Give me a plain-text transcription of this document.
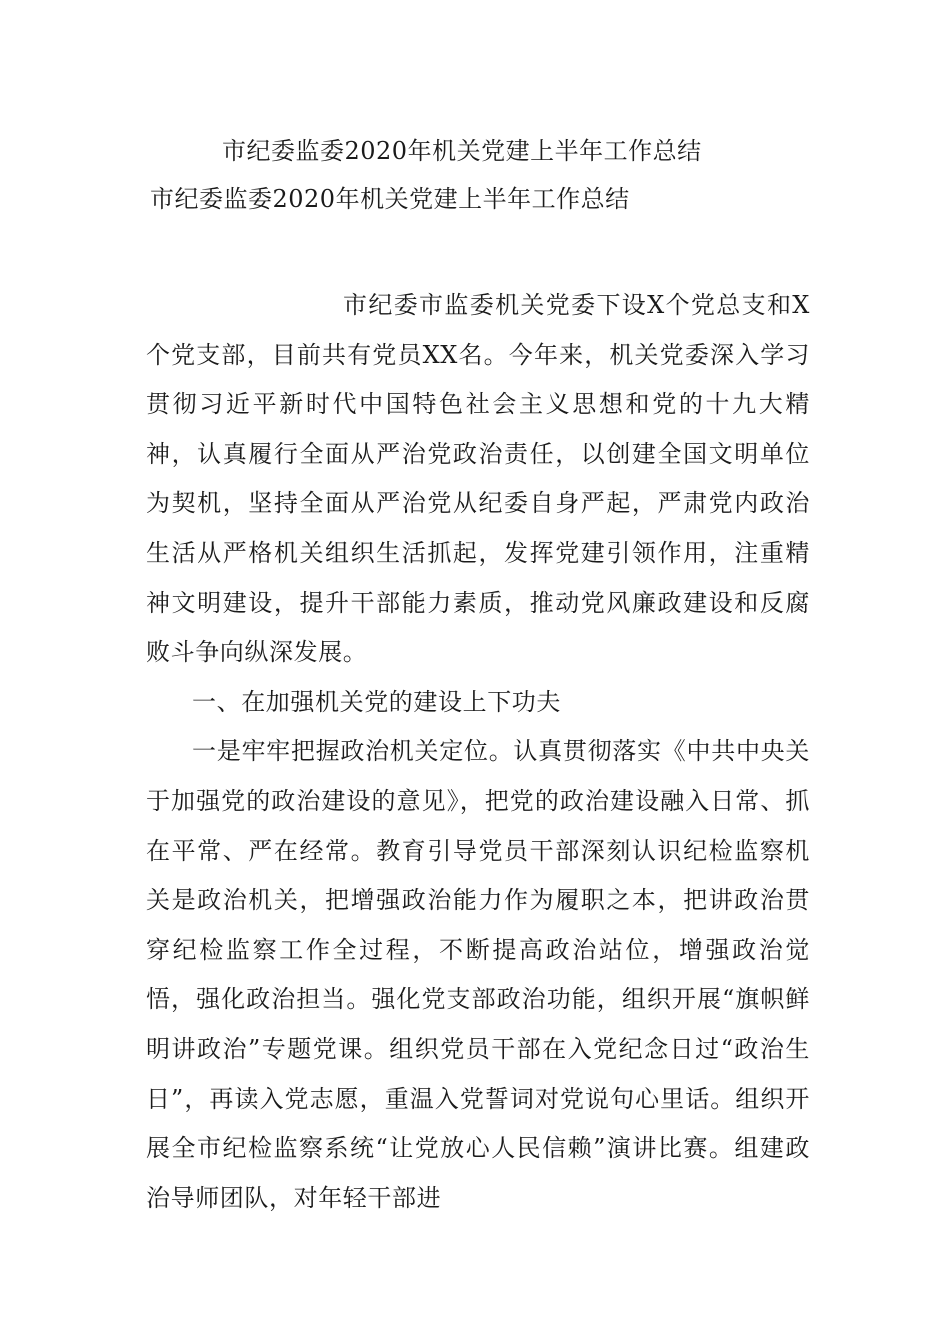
市纪委监委2020年机关党建上半年工作总结
市纪委监委2020年机关党建上半年工作总结

市纪委市监委机关党委下设X个党总支和X个党支部，目前共有党员XX名。今年来，机关党委深入学习贯彻习近平新时代中国特色社会主义思想和党的十九大精神，认真履行全面从严治党政治责任，以创建全国文明单位为契机，坚持全面从严治党从纪委自身严起，严肃党内政治生活从严格机关组织生活抓起，发挥党建引领作用，注重精神文明建设，提升干部能力素质，推动党风廉政建设和反腐败斗争向纵深发展。

一、在加强机关党的建设上下功夫

一是牢牢把握政治机关定位。认真贯彻落实《中共中央关于加强党的政治建设的意见》，把党的政治建设融入日常、抓在平常、严在经常。教育引导党员干部深刻认识纪检监察机关是政治机关，把增强政治能力作为履职之本，把讲政治贯穿纪检监察工作全过程，不断提高政治站位，增强政治觉悟，强化政治担当。强化党支部政治功能，组织开展“旗帜鲜明讲政治”专题党课。组织党员干部在入党纪念日过“政治生日”，再读入党志愿，重温入党誓词对党说句心里话。组织开展全市纪检监察系统“让党放心人民信赖”演讲比赛。组建政治导师团队，对年轻干部进
